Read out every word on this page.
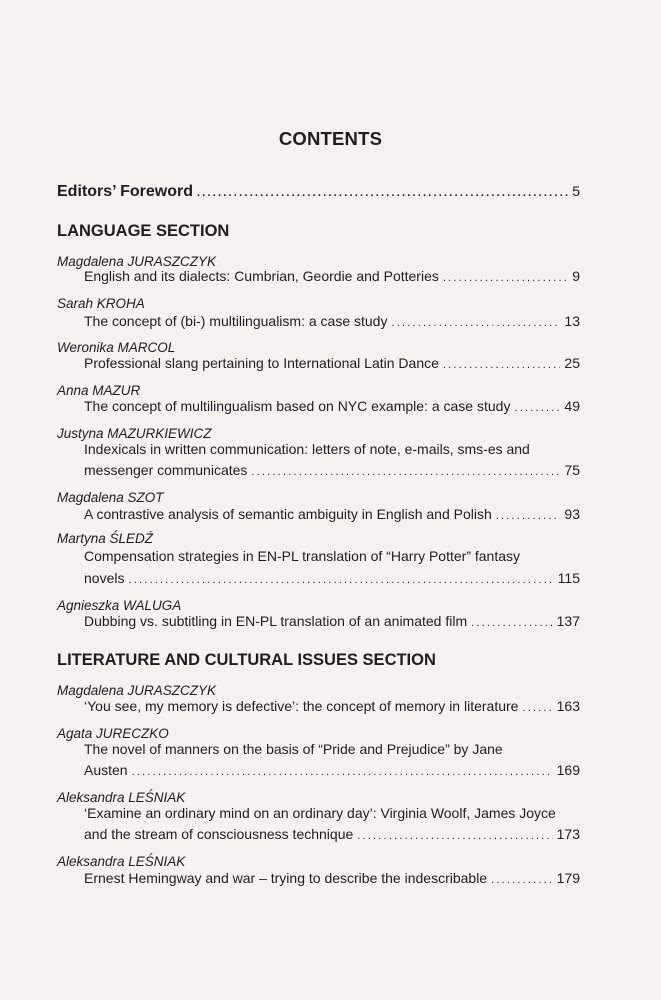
CONTENTS
Editors’ Foreword .....	5
LANGUAGE SECTION
Magdalena JURASZCZYK
English and its dialects: Cumbrian, Geordie and Potteries .....	9
Sarah KROHA
The concept of (bi-) multilingualism: a case study .....	13
Weronika MARCOL
Professional slang pertaining to International Latin Dance .....	25
Anna MAZUR
The concept of multilingualism based on NYC example: a case study .....	49
Justyna MAZURKIEWICZ
Indexicals in written communication: letters of note, e-mails, sms-es and
messenger communicates .....	75
Magdalena SZOT
A contrastive analysis of semantic ambiguity in English and Polish .....	93
Martyna ŚLEDŹ
Compensation strategies in EN-PL translation of “Harry Potter” fantasy
novels .....	115
Agnieszka WALUGA
Dubbing vs. subtitling in EN-PL translation of an animated film .....	137
LITERATURE AND CULTURAL ISSUES SECTION
Magdalena JURASZCZYK
‘You see, my memory is defective’: the concept of memory in literature .....	163
Agata JURECZKO
The novel of manners on the basis of “Pride and Prejudice” by Jane
Austen .....	169
Aleksandra LEŚNIAK
‘Examine an ordinary mind on an ordinary day’: Virginia Woolf, James Joyce
and the stream of consciousness technique .....	173
Aleksandra LEŚNIAK
Ernest Hemingway and war – trying to describe the indescribable .....	179
